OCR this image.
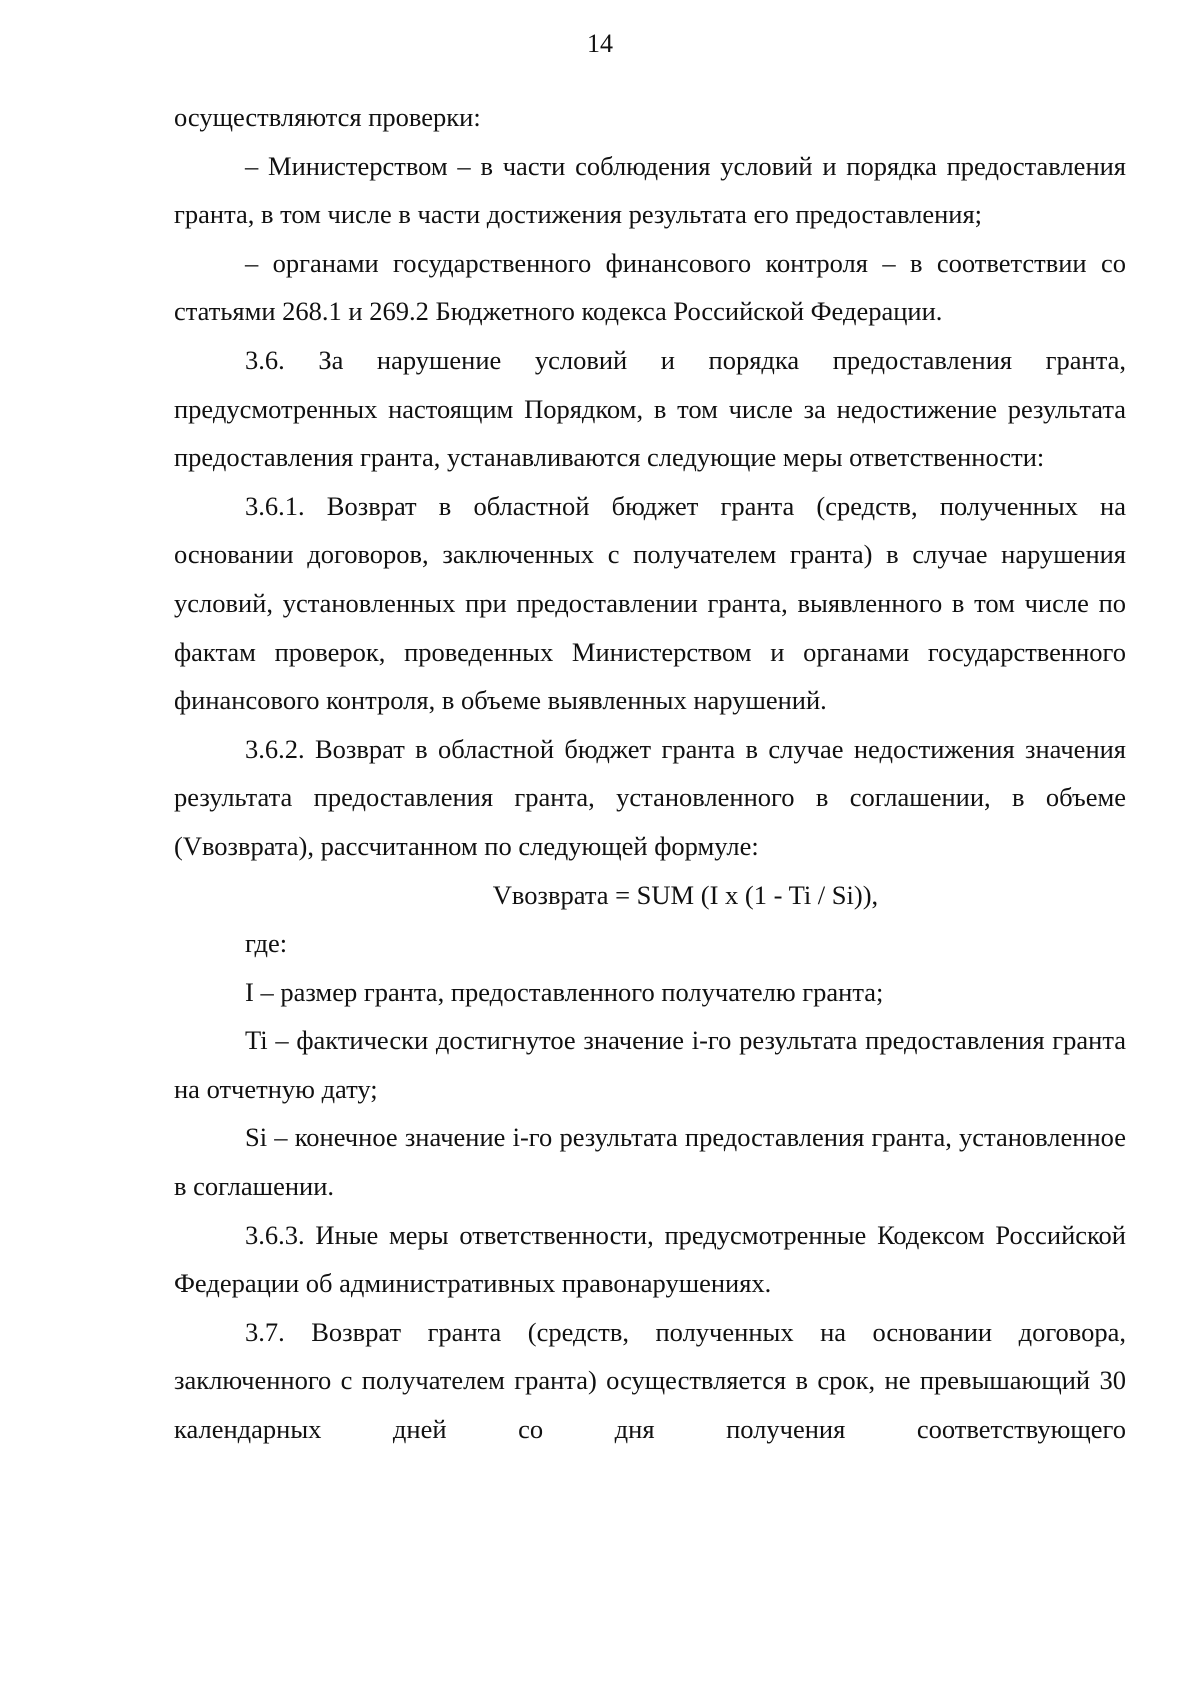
14

осуществляются проверки:

– Министерством – в части соблюдения условий и порядка предоставления гранта, в том числе в части достижения результата его предоставления;

– органами государственного финансового контроля – в соответствии со статьями 268.1 и 269.2 Бюджетного кодекса Российской Федерации.

3.6. За нарушение условий и порядка предоставления гранта, предусмотренных настоящим Порядком, в том числе за недостижение результата предоставления гранта, устанавливаются следующие меры ответственности:

3.6.1. Возврат в областной бюджет гранта (средств, полученных на основании договоров, заключенных с получателем гранта) в случае нарушения условий, установленных при предоставлении гранта, выявленного в том числе по фактам проверок, проведенных Министерством и органами государственного финансового контроля, в объеме выявленных нарушений.

3.6.2. Возврат в областной бюджет гранта в случае недостижения значения результата предоставления гранта, установленного в соглашении, в объеме (Vвозврата), рассчитанном по следующей формуле:

Vвозврата = SUM (I x (1 - Ti / Si)),

где:

I – размер гранта, предоставленного получателю гранта;

Ti – фактически достигнутое значение i-го результата предоставления гранта на отчетную дату;

Si – конечное значение i-го результата предоставления гранта, установленное в соглашении.

3.6.3. Иные меры ответственности, предусмотренные Кодексом Российской Федерации об административных правонарушениях.

3.7. Возврат гранта (средств, полученных на основании договора, заключенного с получателем гранта) осуществляется в срок, не превышающий 30 календарных дней со дня получения соответствующего
